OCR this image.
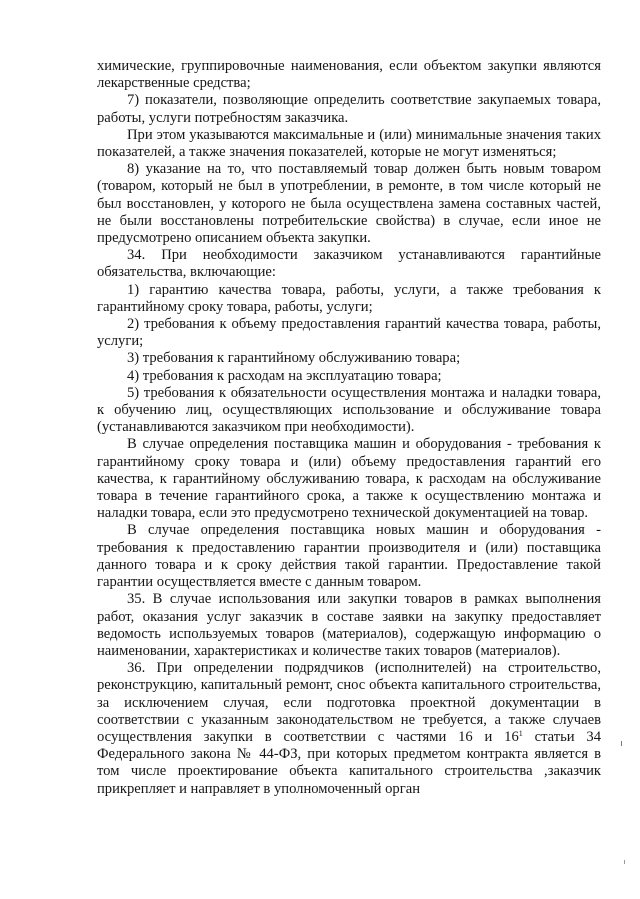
химические, группировочные наименования, если объектом закупки являются лекарственные средства;

7) показатели, позволяющие определить соответствие закупаемых товара, работы, услуги потребностям заказчика.

При этом указываются максимальные и (или) минимальные значения таких показателей, а также значения показателей, которые не могут изменяться;

8) указание на то, что поставляемый товар должен быть новым товаром (товаром, который не был в употреблении, в ремонте, в том числе который не был восстановлен, у которого не была осуществлена замена составных частей, не были восстановлены потребительские свойства) в случае, если иное не предусмотрено описанием объекта закупки.

34. При необходимости заказчиком устанавливаются гарантийные обязательства, включающие:

1) гарантию качества товара, работы, услуги, а также требования к гарантийному сроку товара, работы, услуги;

2) требования к объему предоставления гарантий качества товара, работы, услуги;

3) требования к гарантийному обслуживанию товара;

4) требования к расходам на эксплуатацию товара;

5) требования к обязательности осуществления монтажа и наладки товара, к обучению лиц, осуществляющих использование и обслуживание товара (устанавливаются заказчиком при необходимости).

В случае определения поставщика машин и оборудования - требования к гарантийному сроку товара и (или) объему предоставления гарантий его качества, к гарантийному обслуживанию товара, к расходам на обслуживание товара в течение гарантийного срока, а также к осуществлению монтажа и наладки товара, если это предусмотрено технической документацией на товар.

В случае определения поставщика новых машин и оборудования - требования к предоставлению гарантии производителя и (или) поставщика данного товара и к сроку действия такой гарантии. Предоставление такой гарантии осуществляется вместе с данным товаром.

35. В случае использования или закупки товаров в рамках выполнения работ, оказания услуг заказчик в составе заявки на закупку предоставляет ведомость используемых товаров (материалов), содержащую информацию о наименовании, характеристиках и количестве таких товаров (материалов).

36. При определении подрядчиков (исполнителей) на строительство, реконструкцию, капитальный ремонт, снос объекта капитального строительства, за исключением случая, если подготовка проектной документации в соответствии с указанным законодательством не требуется, а также случаев осуществления закупки в соответствии с частями 16 и $16^1$ статьи 34 Федерального закона № 44-ФЗ, при которых предметом контракта является в том числе проектирование объекта капитального строительства ,заказчик прикрепляет и направляет в уполномоченный орган
